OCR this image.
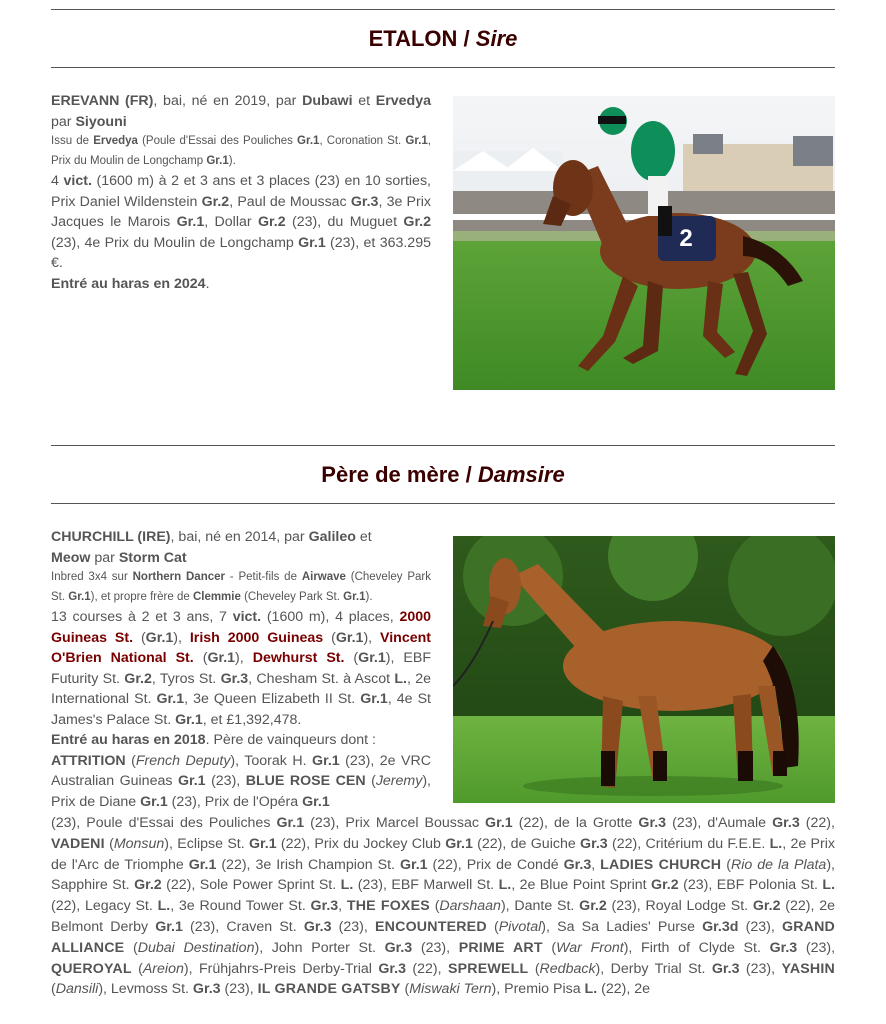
ETALON / Sire
EREVANN (FR), bai, né en 2019, par Dubawi et Ervedya par Siyouni
Issu de Ervedya (Poule d'Essai des Pouliches Gr.1, Coronation St. Gr.1, Prix du Moulin de Longchamp Gr.1).
4 vict. (1600 m) à 2 et 3 ans et 3 places (23) en 10 sorties, Prix Daniel Wildenstein Gr.2, Paul de Moussac Gr.3, 3e Prix Jacques le Marois Gr.1, Dollar Gr.2 (23), du Muguet Gr.2 (23), 4e Prix du Moulin de Longchamp Gr.1 (23), et 363.295 €.
Entré au haras en 2024.
2
Père de mère / Damsire
CHURCHILL (IRE), bai, né en 2014, par Galileo et
Meow par Storm Cat
Inbred 3x4 sur Northern Dancer - Petit-fils de Airwave (Cheveley Park St. Gr.1), et propre frère de Clemmie (Cheveley Park St. Gr.1).
13 courses à 2 et 3 ans, 7 vict. (1600 m), 4 places, 2000 Guineas St. (Gr.1), Irish 2000 Guineas (Gr.1), Vincent O'Brien National St. (Gr.1), Dewhurst St. (Gr.1), EBF Futurity St. Gr.2, Tyros St. Gr.3, Chesham St. à Ascot L., 2e International St. Gr.1, 3e Queen Elizabeth II St. Gr.1, 4e St James's Palace St. Gr.1, et £1,392,478.
Entré au haras en 2018. Père de vainqueurs dont :
ATTRITION (French Deputy), Toorak H. Gr.1 (23), 2e VRC Australian Guineas Gr.1 (23), BLUE ROSE CEN (Jeremy), Prix de Diane Gr.1 (23), Prix de l'Opéra Gr.1
(23), Poule d'Essai des Pouliches Gr.1 (23), Prix Marcel Boussac Gr.1 (22), de la Grotte Gr.3 (23), d'Aumale Gr.3 (22), VADENI (Monsun), Eclipse St. Gr.1 (22), Prix du Jockey Club Gr.1 (22), de Guiche Gr.3 (22), Critérium du F.E.E. L., 2e Prix de l'Arc de Triomphe Gr.1 (22), 3e Irish Champion St. Gr.1 (22), Prix de Condé Gr.3, LADIES CHURCH (Rio de la Plata), Sapphire St. Gr.2 (22), Sole Power Sprint St. L. (23), EBF Marwell St. L., 2e Blue Point Sprint Gr.2 (23), EBF Polonia St. L. (22), Legacy St. L., 3e Round Tower St. Gr.3, THE FOXES (Darshaan), Dante St. Gr.2 (23), Royal Lodge St. Gr.2 (22), 2e Belmont Derby Gr.1 (23), Craven St. Gr.3 (23), ENCOUNTERED (Pivotal), Sa Sa Ladies' Purse Gr.3d (23), GRAND ALLIANCE (Dubai Destination), John Porter St. Gr.3 (23), PRIME ART (War Front), Firth of Clyde St. Gr.3 (23), QUEROYAL (Areion), Frühjahrs-Preis Derby-Trial Gr.3 (22), SPREWELL (Redback), Derby Trial St. Gr.3 (23), YASHIN (Dansili), Levmoss St. Gr.3 (23), IL GRANDE GATSBY (Miswaki Tern), Premio Pisa L. (22), 2e
